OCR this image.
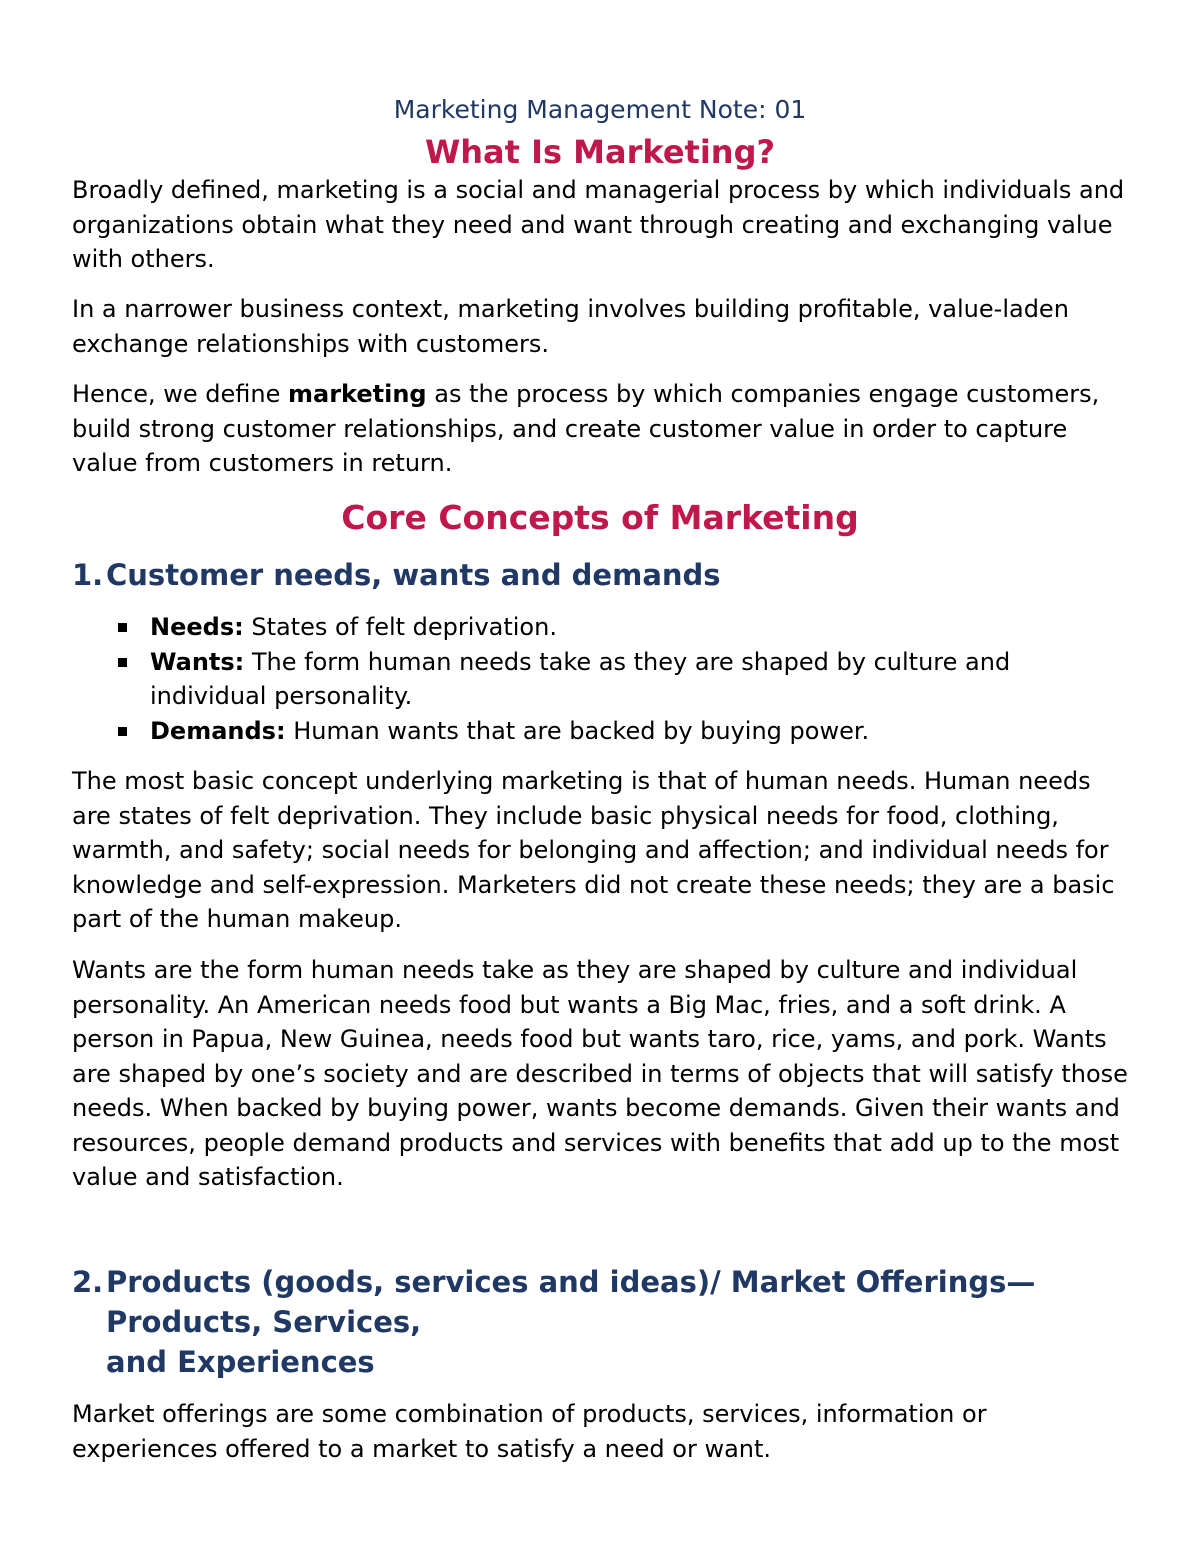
Marketing Management Note: 01
What Is Marketing?

Broadly defined, marketing is a social and managerial process by which individuals and organizations obtain what they need and want through creating and exchanging value with others.

In a narrower business context, marketing involves building profitable, value-laden exchange relationships with customers.

Hence, we define marketing as the process by which companies engage customers, build strong customer relationships, and create customer value in order to capture value from customers in return.

Core Concepts of Marketing
1.Customer needs, wants and demands
Needs: States of felt deprivation.
Wants: The form human needs take as they are shaped by culture and individual personality.
Demands: Human wants that are backed by buying power.

The most basic concept underlying marketing is that of human needs. Human needs are states of felt deprivation. They include basic physical needs for food, clothing, warmth, and safety; social needs for belonging and affection; and individual needs for knowledge and self-expression. Marketers did not create these needs; they are a basic part of the human makeup.

Wants are the form human needs take as they are shaped by culture and individual personality. An American needs food but wants a Big Mac, fries, and a soft drink. A person in Papua, New Guinea, needs food but wants taro, rice, yams, and pork. Wants are shaped by one’s society and are described in terms of objects that will satisfy those needs. When backed by buying power, wants become demands. Given their wants and resources, people demand products and services with benefits that add up to the most value and satisfaction.

2.Products (goods, services and ideas)/ Market Offerings—
Products, Services,
and Experiences

Market offerings are some combination of products, services, information or experiences offered to a market to satisfy a need or want.
